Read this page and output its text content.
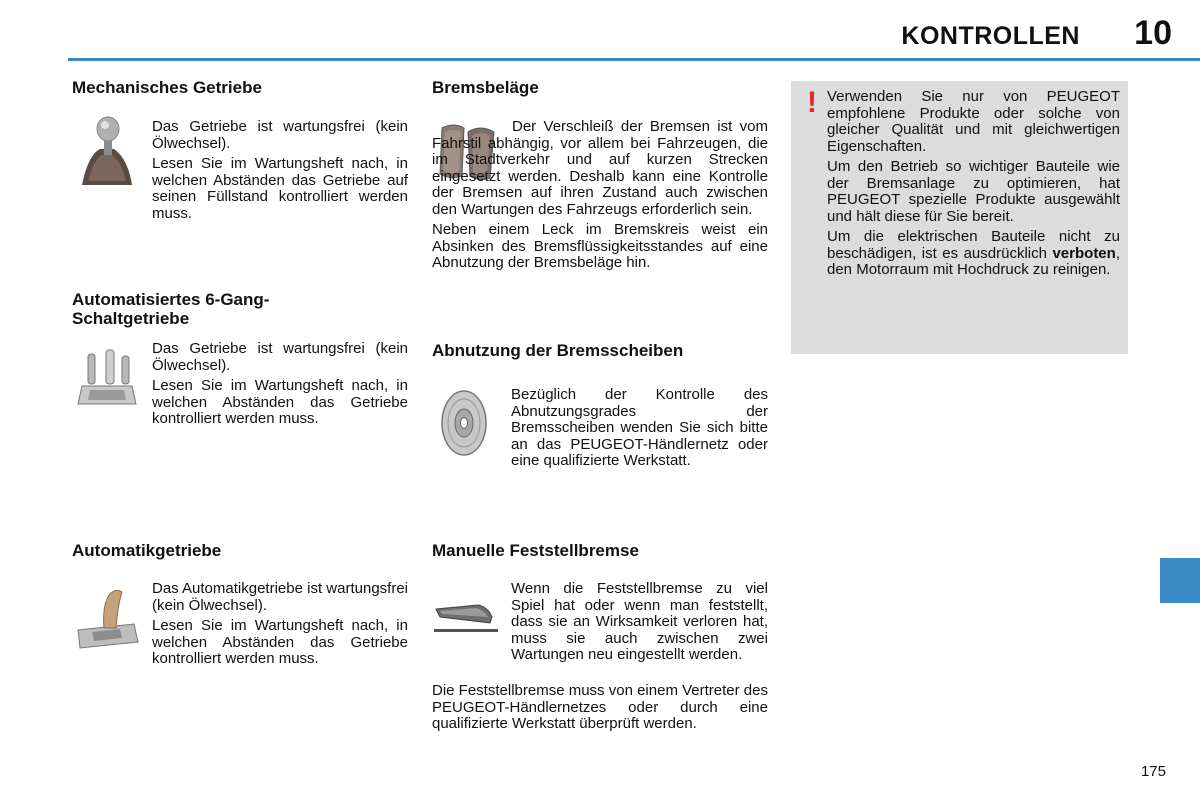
KONTROLLEN 10
Mechanisches Getriebe

Das Getriebe ist wartungsfrei (kein Ölwechsel).

Lesen Sie im Wartungsheft nach, in welchen Abständen das Getriebe auf seinen Füllstand kontrolliert werden muss.

Automatisiertes 6-Gang-Schaltgetriebe

Das Getriebe ist wartungsfrei (kein Ölwechsel).

Lesen Sie im Wartungsheft nach, in welchen Abständen das Getriebe kontrolliert werden muss.

Automatikgetriebe

Das Automatikgetriebe ist wartungsfrei (kein Ölwechsel).

Lesen Sie im Wartungsheft nach, in welchen Abständen das Getriebe kontrolliert werden muss.

Bremsbeläge

Der Verschleiß der Bremsen ist vom Fahrstil abhängig, vor allem bei Fahrzeugen, die im Stadtverkehr und auf kurzen Strecken eingesetzt werden. Deshalb kann eine Kontrolle der Bremsen auf ihren Zustand auch zwischen den Wartungen des Fahrzeugs erforderlich sein.

Neben einem Leck im Bremskreis weist ein Absinken des Bremsflüssigkeitsstandes auf eine Abnutzung der Bremsbeläge hin.

Abnutzung der Bremsscheiben

Bezüglich der Kontrolle des Abnutzungsgrades der Bremsscheiben wenden Sie sich bitte an das PEUGEOT-Händlernetz oder eine qualifizierte Werkstatt.

Manuelle Feststellbremse

Wenn die Feststellbremse zu viel Spiel hat oder wenn man feststellt, dass sie an Wirksamkeit verloren hat, muss sie auch zwischen zwei Wartungen neu eingestellt werden.

Die Feststellbremse muss von einem Vertreter des PEUGEOT-Händlernetzes oder durch eine qualifizierte Werkstatt überprüft werden.

! Verwenden Sie nur von PEUGEOT empfohlene Produkte oder solche von gleicher Qualität und mit gleichwertigen Eigenschaften.

Um den Betrieb so wichtiger Bauteile wie der Bremsanlage zu optimieren, hat PEUGEOT spezielle Produkte ausgewählt und hält diese für Sie bereit.

Um die elektrischen Bauteile nicht zu beschädigen, ist es ausdrücklich verboten, den Motorraum mit Hochdruck zu reinigen.

175
